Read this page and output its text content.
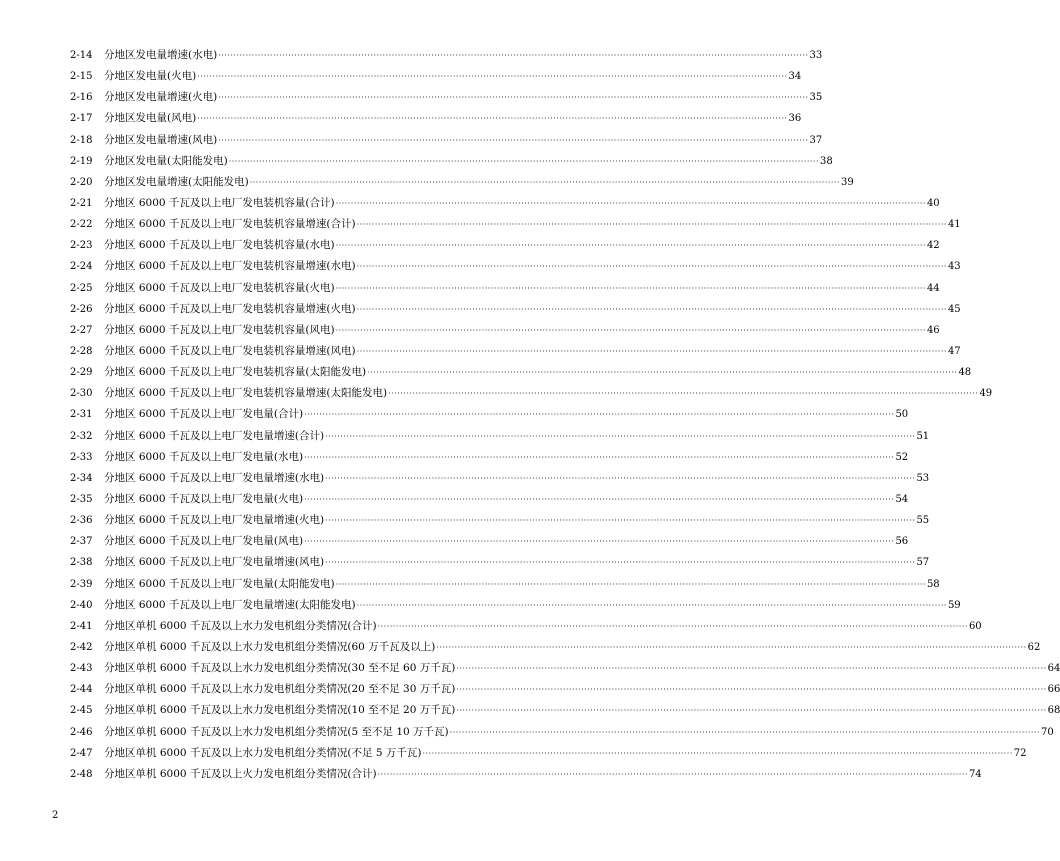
2-14	分地区发电量增速(水电) ·····	33
2-15	分地区发电量(火电) ·····	34
2-16	分地区发电量增速(火电) ·····	35
2-17	分地区发电量(风电) ·····	36
2-18	分地区发电量增速(风电) ·····	37
2-19	分地区发电量(太阳能发电) ·····	38
2-20	分地区发电量增速(太阳能发电) ·····	39
2-21	分地区 6000 千瓦及以上电厂发电装机容量(合计) ·····	40
2-22	分地区 6000 千瓦及以上电厂发电装机容量增速(合计) ·····	41
2-23	分地区 6000 千瓦及以上电厂发电装机容量(水电) ·····	42
2-24	分地区 6000 千瓦及以上电厂发电装机容量增速(水电) ·····	43
2-25	分地区 6000 千瓦及以上电厂发电装机容量(火电) ·····	44
2-26	分地区 6000 千瓦及以上电厂发电装机容量增速(火电) ·····	45
2-27	分地区 6000 千瓦及以上电厂发电装机容量(风电) ·····	46
2-28	分地区 6000 千瓦及以上电厂发电装机容量增速(风电) ·····	47
2-29	分地区 6000 千瓦及以上电厂发电装机容量(太阳能发电) ·····	48
2-30	分地区 6000 千瓦及以上电厂发电装机容量增速(太阳能发电) ·····	49
2-31	分地区 6000 千瓦及以上电厂发电量(合计) ·····	50
2-32	分地区 6000 千瓦及以上电厂发电量增速(合计) ·····	51
2-33	分地区 6000 千瓦及以上电厂发电量(水电) ·····	52
2-34	分地区 6000 千瓦及以上电厂发电量增速(水电) ·····	53
2-35	分地区 6000 千瓦及以上电厂发电量(火电) ·····	54
2-36	分地区 6000 千瓦及以上电厂发电量增速(火电) ·····	55
2-37	分地区 6000 千瓦及以上电厂发电量(风电) ·····	56
2-38	分地区 6000 千瓦及以上电厂发电量增速(风电) ·····	57
2-39	分地区 6000 千瓦及以上电厂发电量(太阳能发电) ·····	58
2-40	分地区 6000 千瓦及以上电厂发电量增速(太阳能发电) ·····	59
2-41	分地区单机 6000 千瓦及以上水力发电机组分类情况(合计) ·····	60
2-42	分地区单机 6000 千瓦及以上水力发电机组分类情况(60 万千瓦及以上) ·····	62
2-43	分地区单机 6000 千瓦及以上水力发电机组分类情况(30 至不足 60 万千瓦) ·····	64
2-44	分地区单机 6000 千瓦及以上水力发电机组分类情况(20 至不足 30 万千瓦) ·····	66
2-45	分地区单机 6000 千瓦及以上水力发电机组分类情况(10 至不足 20 万千瓦) ·····	68
2-46	分地区单机 6000 千瓦及以上水力发电机组分类情况(5 至不足 10 万千瓦) ·····	70
2-47	分地区单机 6000 千瓦及以上水力发电机组分类情况(不足 5 万千瓦) ·····	72
2-48	分地区单机 6000 千瓦及以上火力发电机组分类情况(合计) ·····	74
2
